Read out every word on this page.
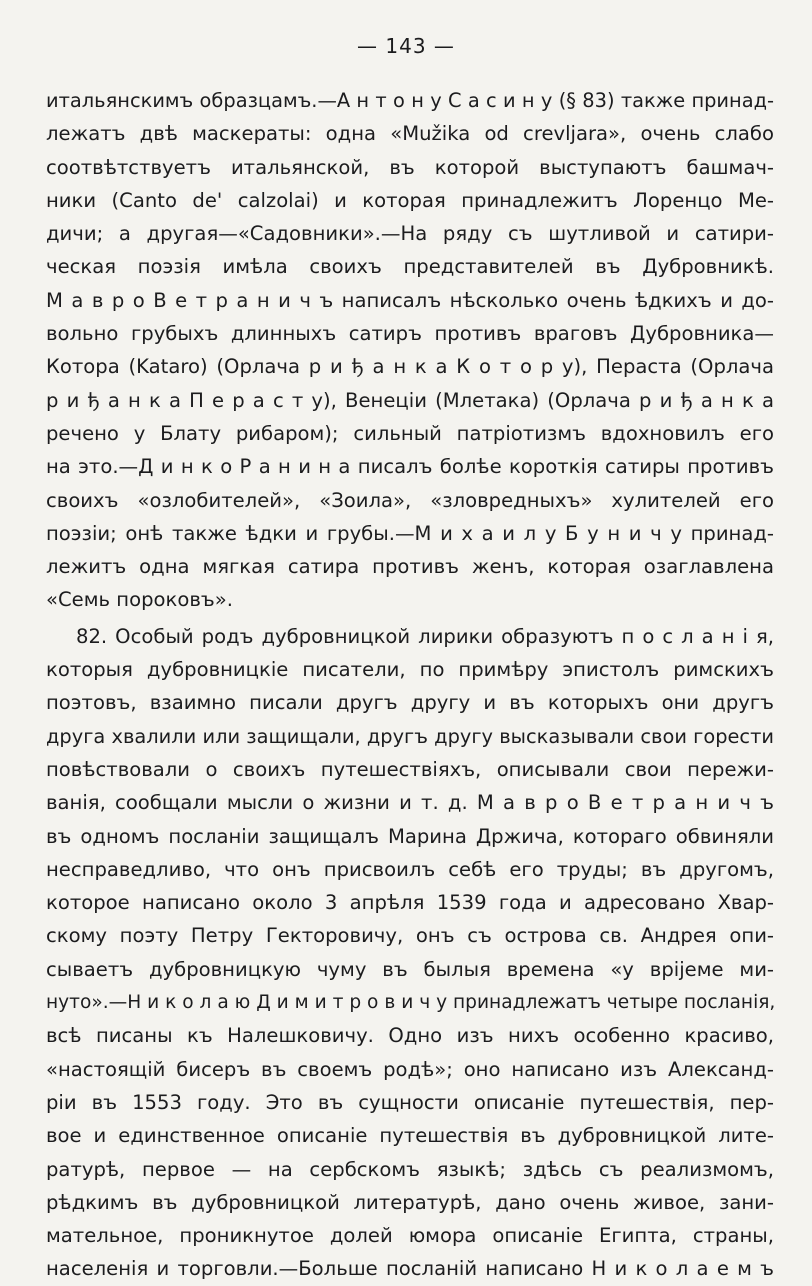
— 143 —
итальянскимъ образцамъ.—А н т о н у С а с и н у (§ 83) также принад-
лежатъ двѣ маскераты: одна «Mužika od crevljara», очень слабо
соотвѣтствуетъ итальянской, въ которой выступаютъ башмач-
ники (Canto de' calzolai) и которая принадлежитъ Лоренцо Ме-
дичи; а другая—«Садовники».—На ряду съ шутливой и сатири-
ческая поэзія имѣла своихъ представителей въ Дубровникѣ.
М а в р о В е т р а н и ч ъ написалъ нѣсколько очень ѣдкихъ и до-
вольно грубыхъ длинныхъ сатиръ противъ враговъ Дубровника—
Котора (Kataro) (Орлача р и ђ а н к а К о т о р у), Пераста (Орлача
р и ђ а н к а П е р а с т у), Венеціи (Млетака) (Орлача р и ђ а н к а
речено у Блату рибаром); сильный патріотизмъ вдохновилъ его
на это.—Д и н к о Р а н и н а писалъ болѣе короткія сатиры противъ
своихъ «озлобителей», «Зоила», «зловредныхъ» хулителей его
поэзіи; онѣ также ѣдки и грубы.—М и х а и л у Б у н и ч у принад-
лежитъ одна мягкая сатира противъ женъ, которая озаглавлена
«Семь пороковъ».
82. Особый родъ дубровницкой лирики образуютъ п о с л а н і я,
которыя дубровницкіе писатели, по примѣру эпистолъ римскихъ
поэтовъ, взаимно писали другъ другу и въ которыхъ они другъ
друга хвалили или защищали, другъ другу высказывали свои горести
повѣствовали о своихъ путешествіяхъ, описывали свои пережи-
ванія, сообщали мысли о жизни и т. д. М а в р о В е т р а н и ч ъ
въ одномъ посланіи защищалъ Марина Држича, котораго обвиняли
несправедливо, что онъ присвоилъ себѣ его труды; въ другомъ,
которое написано около 3 aпрѣля 1539 года и адресовано Хвар-
скому поэту Петру Гекторовичу, онъ съ острова св. Андрея опи-
сываетъ дубровницкую чуму въ былыя времена «у врijеме ми-
нуто».—Н и к о л а ю Д и м и т р о в и ч у принадлежатъ четыре посланія,
всѣ писаны къ Налешковичу. Одно изъ нихъ особенно красиво,
«настоящій бисеръ въ своемъ родѣ»; оно написано изъ Александ-
ріи въ 1553 году. Это въ сущности описаніе путешествія, пер-
вое и единственное описаніе путешествія въ дубровницкой лите-
ратурѣ, первое — на сербскомъ языкѣ; здѣсь съ реализмомъ,
рѣдкимъ въ дубровницкой литературѣ, дано очень живое, зани-
мательное, проникнутое долей юмора описаніе Египта, страны,
населенія и торговли.—Больше посланій написано Н и к о л а е м ъ
